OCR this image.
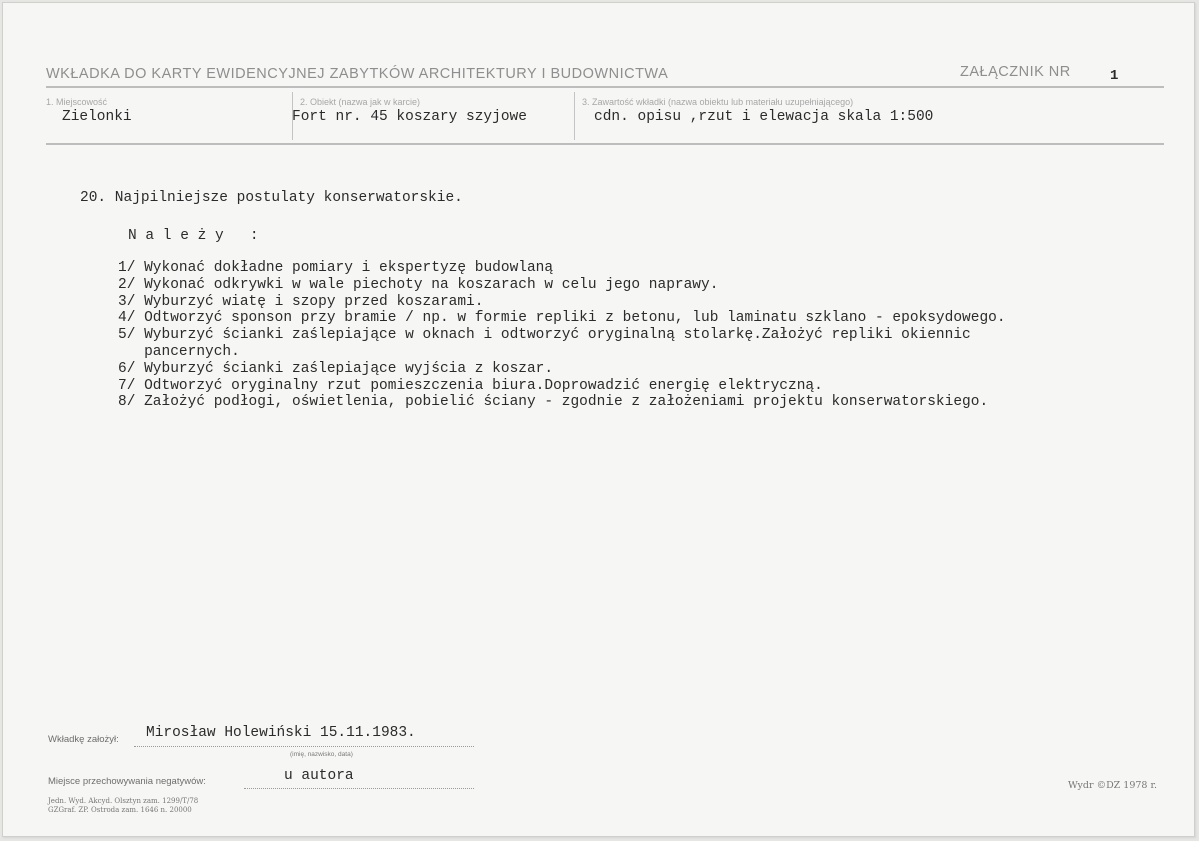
WKŁADKA DO KARTY EWIDENCYJNEJ ZABYTKÓW ARCHITEKTURY I BUDOWNICTWA	ZAŁĄCZNIK NR	1
1. Miejscowość
Zielonki
2. Obiekt (nazwa jak w karcie)
Fort nr. 45 koszary szyjowe
3. Zawartość wkładki (nazwa obiektu lub materiału uzupełniającego)
cdn. opisu ,rzut i elewacja skala 1:500
20. Najpilniejsze postulaty konserwatorskie.
N a l e ż y   :
1/ Wykonać dokładne pomiary i ekspertyzę budowlaną
2/ Wykonać odkrywki w wale piechoty na koszarach w celu jego naprawy.
3/ Wyburzyć wiatę i szopy przed koszarami.
4/ Odtworzyć sponson przy bramie / np. w formie repliki z betonu, lub laminatu szklano - epoksydowego.
5/ Wyburzyć ścianki zaślepiające w oknach i odtworzyć oryginalną stolarkę.Założyć repliki okiennic
pancernych.
6/ Wyburzyć ścianki zaślepiające wyjścia z koszar.
7/ Odtworzyć oryginalny rzut pomieszczenia biura.Doprowadzić energię elektryczną.
8/ Założyć podłogi, oświetlenia, pobielić ściany - zgodnie z założeniami projektu konserwatorskiego.
Wkładkę założył: Mirosław Holewiński 15.11.1983.
(imię, nazwisko, data)
Miejsce przechowywania negatywów:	u autora
Jedn. Wyd. Akcyd. Olsztyn zam. 1299/T/78
GZGraf. ZP. Ostroda zam. 1646 n. 20000
Wydr ©DZ 1978 r.
